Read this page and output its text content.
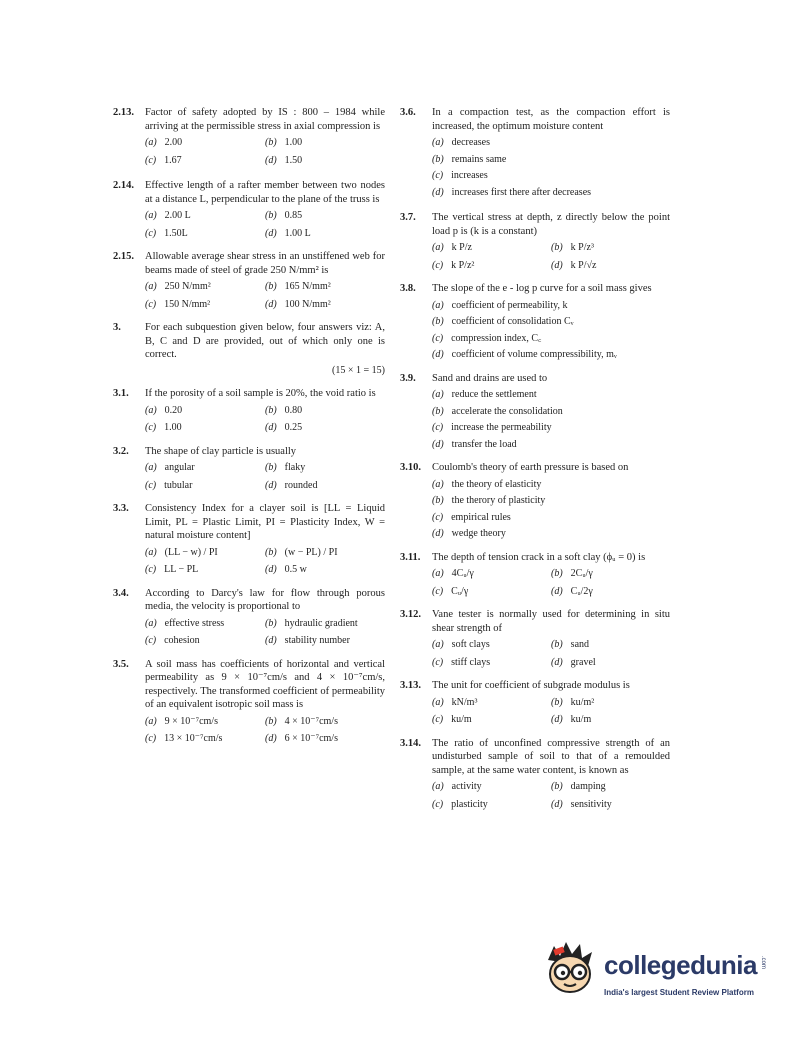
2.13. Factor of safety adopted by IS : 800 – 1984 while arriving at the permissible stress in axial compression is
(a) 2.00	(b) 1.00
(c) 1.67	(d) 1.50
2.14. Effective length of a rafter member between two nodes at a distance L, perpendicular to the plane of the truss is
(a) 2.00 L	(b) 0.85
(c) 1.50L	(d) 1.00 L
2.15. Allowable average shear stress in an unstiffened web for beams made of steel of grade 250 N/mm² is
(a) 250 N/mm²	(b) 165 N/mm²
(c) 150 N/mm²	(d) 100 N/mm²
3. For each subquestion given below, four answers viz: A, B, C and D are provided, out of which only one is correct.
(15 × 1 = 15)
3.1. If the porosity of a soil sample is 20%, the void ratio is
(a) 0.20	(b) 0.80
(c) 1.00	(d) 0.25
3.2. The shape of clay particle is usually
(a) angular	(b) flaky
(c) tubular	(d) rounded
3.3. Consistency Index for a clayer soil is [LL = Liquid Limit, PL = Plastic Limit, PI = Plasticity Index, W = natural moisture content]
(a) (LL − w) / PI	(b) (w − PL) / PI
(c) LL − PL	(d) 0.5 w
3.4. According to Darcy's law for flow through porous media, the velocity is proportional to
(a) effective stress	(b) hydraulic gradient
(c) cohesion	(d) stability number
3.5. A soil mass has coefficients of horizontal and vertical permeability as 9 × 10⁻⁷cm/s and 4 × 10⁻⁷cm/s, respectively. The transformed coefficient of permeability of an equivalent isotropic soil mass is
(a) 9 × 10⁻⁷cm/s	(b) 4 × 10⁻⁷cm/s
(c) 13 × 10⁻⁷cm/s	(d) 6 × 10⁻⁷cm/s
3.6. In a compaction test, as the compaction effort is increased, the optimum moisture content
(a) decreases
(b) remains same
(c) increases
(d) increases first there after decreases
3.7. The vertical stress at depth, z directly below the point load p is (k is a constant)
(a) k P/z	(b) k P/z³
(c) k P/z²	(d) k P/√z
3.8. The slope of the e - log p curve for a soil mass gives
(a) coefficient of permeability, k
(b) coefficient of consolidation Cᵥ
(c) compression index, C꜀
(d) coefficient of volume compressibility, mᵥ
3.9. Sand and drains are used to
(a) reduce the settlement
(b) accelerate the consolidation
(c) increase the permeability
(d) transfer the load
3.10. Coulomb's theory of earth pressure is based on
(a) the theory of elasticity
(b) the therory of plasticity
(c) empirical rules
(d) wedge theory
3.11. The depth of tension crack in a soft clay (ϕᵤ = 0) is
(a) 4Cᵤ/γ	(b) 2Cᵤ/γ
(c) Cᵤ/γ	(d) Cᵤ/2γ
3.12. Vane tester is normally used for determining in situ shear strength of
(a) soft clays	(b) sand
(c) stiff clays	(d) gravel
3.13. The unit for coefficient of subgrade modulus is
(a) kN/m³	(b) ku/m²
(c) ku/m	(d) ku/m
3.14. The ratio of unconfined compressive strength of an undisturbed sample of soil to that of a remoulded sample, at the same water content, is known as
(a) activity	(b) damping
(c) plasticity	(d) sensitivity
collegedunia .com
India's largest Student Review Platform
